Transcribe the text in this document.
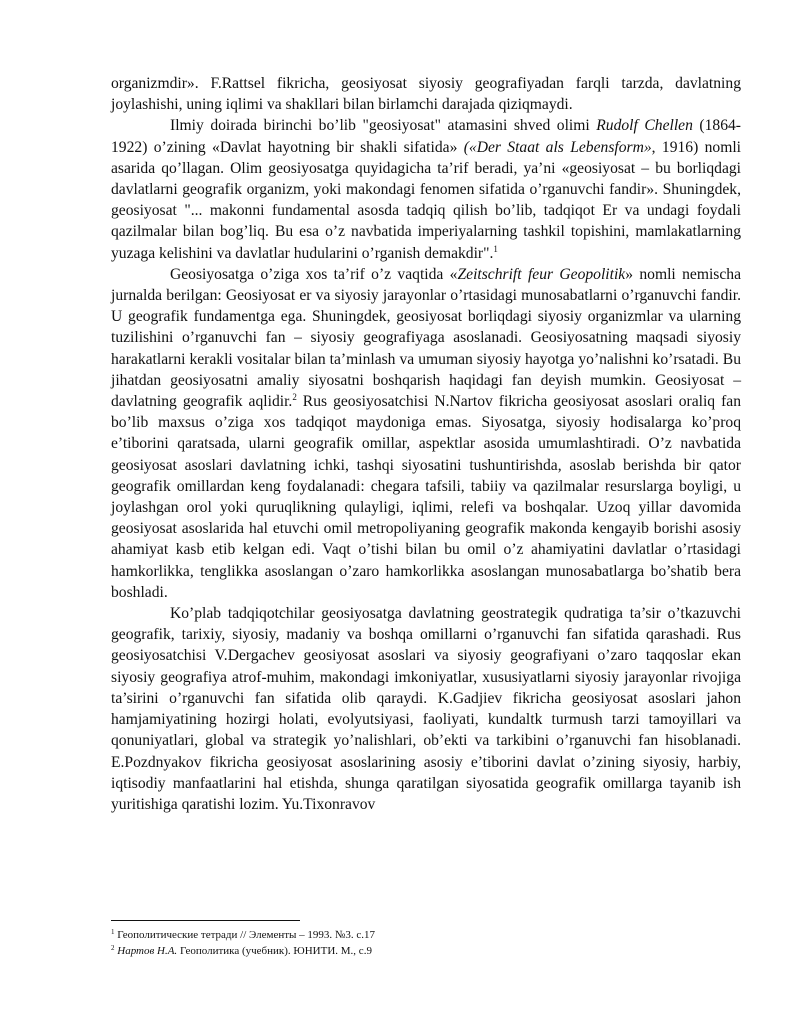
organizmdir». F.Rattsel fikricha, geosiyosat siyosiy geografiyadan farqli tarzda, davlatning joylashishi, uning iqlimi va shakllari bilan birlamchi darajada qiziqmaydi.

Ilmiy doirada birinchi bo’lib "geosiyosat" atamasini shved olimi Rudolf Chellen (1864-1922) o’zining «Davlat hayotning bir shakli sifatida» («Der Staat als Lebensform», 1916) nomli asarida qo’llagan. Olim geosiyosatga quyidagicha ta’rif beradi, ya’ni «geosiyosat – bu borliqdagi davlatlarni geografik organizm, yoki makondagi fenomen sifatida o’rganuvchi fandir». Shuningdek, geosiyosat "... makonni fundamental asosda tadqiq qilish bo’lib, tadqiqot Er va undagi foydali qazilmalar bilan bog’liq. Bu esa o’z navbatida imperiyalarning tashkil topishini, mamlakatlarning yuzaga kelishini va davlatlar hudularini o’rganish demakdir".$^1$

Geosiyosatga o’ziga xos ta’rif o’z vaqtida «Zeitschrift feur Geopolitik» nomli nemischa jurnalda berilgan: Geosiyosat er va siyosiy jarayonlar o’rtasidagi munosabatlarni o’rganuvchi fandir. U geografik fundamentga ega. Shuningdek, geosiyosat borliqdagi siyosiy organizmlar va ularning tuzilishini o’rganuvchi fan – siyosiy geografiyaga asoslanadi. Geosiyosatning maqsadi siyosiy harakatlarni kerakli vositalar bilan ta’minlash va umuman siyosiy hayotga yo’nalishni ko’rsatadi. Bu jihatdan geosiyosatni amaliy siyosatni boshqarish haqidagi fan deyish mumkin. Geosiyosat –davlatning geografik aqlidir.$^2$ Rus geosiyosatchisi N.Nartov fikricha geosiyosat asoslari oraliq fan bo’lib maxsus o’ziga xos tadqiqot maydoniga emas. Siyosatga, siyosiy hodisalarga ko’proq e’tiborini qaratsada, ularni geografik omillar, aspektlar asosida umumlashtiradi. O’z navbatida geosiyosat asoslari davlatning ichki, tashqi siyosatini tushuntirishda, asoslab berishda bir qator geografik omillardan keng foydalanadi: chegara tafsili, tabiiy va qazilmalar resurslarga boyligi, u joylashgan orol yoki quruqlikning qulayligi, iqlimi, relefi va boshqalar. Uzoq yillar davomida geosiyosat asoslarida hal etuvchi omil metropoliyaning geografik makonda kengayib borishi asosiy ahamiyat kasb etib kelgan edi. Vaqt o’tishi bilan bu omil o’z ahamiyatini davlatlar o’rtasidagi hamkorlikka, tenglikka asoslangan o’zaro hamkorlikka asoslangan munosabatlarga bo’shatib bera boshladi.

Ko’plab tadqiqotchilar geosiyosatga davlatning geostrategik qudratiga ta’sir o’tkazuvchi geografik, tarixiy, siyosiy, madaniy va boshqa omillarni o’rganuvchi fan sifatida qarashadi. Rus geosiyosatchisi V.Dergachev geosiyosat asoslari va siyosiy geografiyani o’zaro taqqoslar ekan siyosiy geografiya atrof-muhim, makondagi imkoniyatlar, xususiyatlarni siyosiy jarayonlar rivojiga ta’sirini o’rganuvchi fan sifatida olib qaraydi. K.Gadjiev fikricha geosiyosat asoslari jahon hamjamiyatining hozirgi holati, evolyutsiyasi, faoliyati, kundaltk turmush tarzi tamoyillari va qonuniyatlari, global va strategik yo’nalishlari, ob’ekti va tarkibini o’rganuvchi fan hisoblanadi. E.Pozdnyakov fikricha geosiyosat asoslarining asosiy e’tiborini davlat o’zining siyosiy, harbiy, iqtisodiy manfaatlarini hal etishda, shunga qaratilgan siyosatida geografik omillarga tayanib ish yuritishiga qaratishi lozim. Yu.Tixonravov

$^1$ Геополитические тетради // Элементы – 1993. №3. с.17

$^2$ Нартов Н.А. Геополитика (учебник). ЮНИТИ. М., с.9
